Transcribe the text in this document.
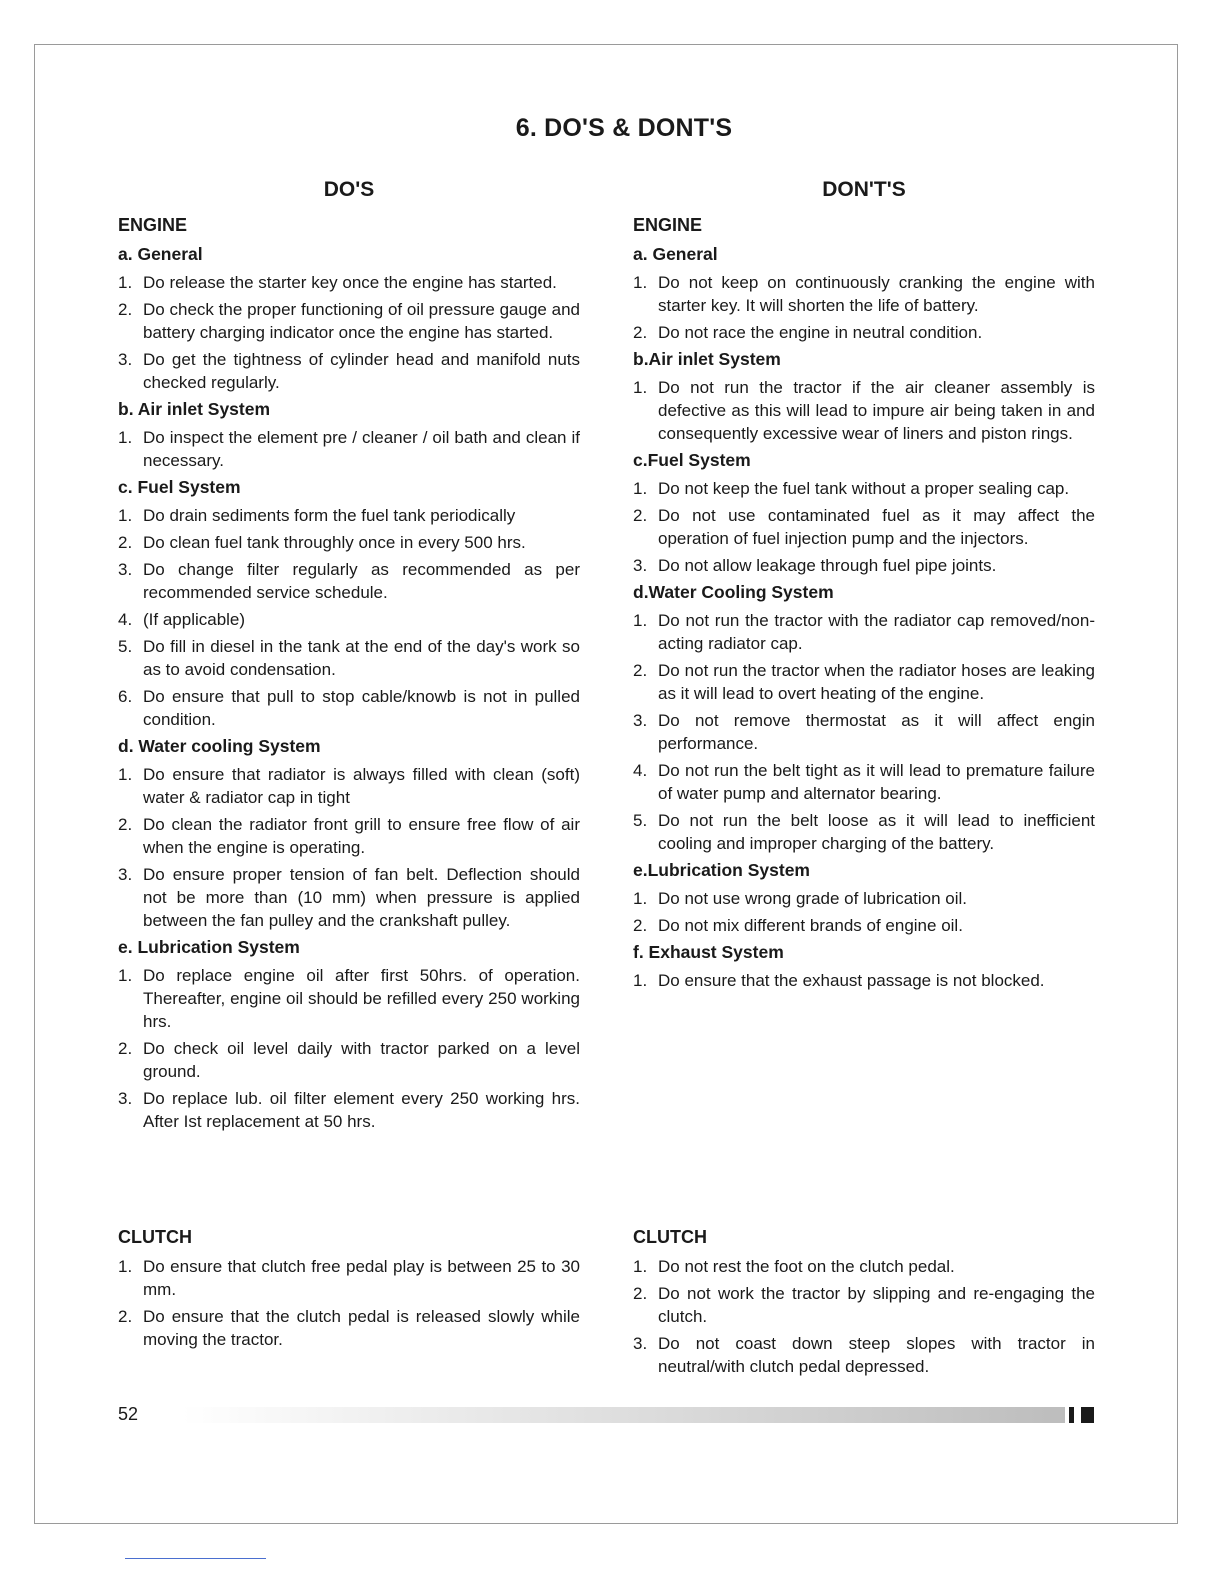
6. DO'S & DONT'S
DO'S
ENGINE
a. General
1. Do release the starter key once the engine has started.
2. Do check the proper functioning of oil pressure gauge and battery charging indicator once the engine has started.
3. Do get the tightness of cylinder head and manifold nuts checked regularly.
b. Air inlet System
1. Do inspect the element pre / cleaner / oil bath and clean if necessary.
c. Fuel System
1. Do drain sediments form the fuel tank periodically
2. Do clean fuel tank throughly once in every 500 hrs.
3. Do change filter regularly as recommended as per recommended service schedule.
4. (If applicable)
5. Do fill in diesel in the tank at the end of the day's work so as to avoid condensation.
6. Do ensure that pull to stop cable/knowb is not in pulled condition.
d. Water cooling System
1. Do ensure that radiator is always filled with clean (soft) water & radiator cap in tight
2. Do clean the radiator front grill to ensure free flow of air when the engine is operating.
3. Do ensure proper tension of fan belt. Deflection should not be more than (10 mm) when pressure is applied between the fan pulley and the crankshaft pulley.
e. Lubrication System
1. Do replace engine oil after first 50hrs. of operation. Thereafter, engine oil should be refilled every 250 working hrs.
2. Do check oil level daily with tractor parked on a level ground.
3. Do replace lub. oil filter element every 250 working hrs. After Ist replacement at 50 hrs.
DON'T'S
ENGINE
a. General
1. Do not keep on continuously cranking the engine with starter key. It will shorten the life of battery.
2. Do not race the engine in neutral condition.
b.Air inlet System
1. Do not run the tractor if the air cleaner assembly is defective as this will lead to impure air being taken in and consequently excessive wear of liners and piston rings.
c.Fuel System
1. Do not keep the fuel tank without a proper sealing cap.
2. Do not use contaminated fuel as it may affect the operation of fuel injection pump and the injectors.
3. Do not allow leakage through fuel pipe joints.
d.Water Cooling System
1. Do not run the tractor with the radiator cap removed/non-acting radiator cap.
2. Do not run the tractor when the radiator hoses are leaking as it will lead to overt heating of the engine.
3. Do not remove thermostat as it will affect engin performance.
4. Do not run the belt tight as it will lead to premature failure of water pump and alternator bearing.
5. Do not run the belt loose as it will lead to inefficient cooling and improper charging of the battery.
e.Lubrication System
1. Do not use wrong grade of lubrication oil.
2. Do not mix different brands of engine oil.
f. Exhaust System
1. Do ensure that the exhaust passage is not blocked.
CLUTCH
1. Do ensure that clutch free pedal play is between 25 to 30 mm.
2. Do ensure that the clutch pedal is released slowly while moving the tractor.
CLUTCH
1. Do not rest the foot on the clutch pedal.
2. Do not work the tractor by slipping and re-engaging the clutch.
3. Do not coast down steep slopes with tractor in neutral/with clutch pedal depressed.
52
